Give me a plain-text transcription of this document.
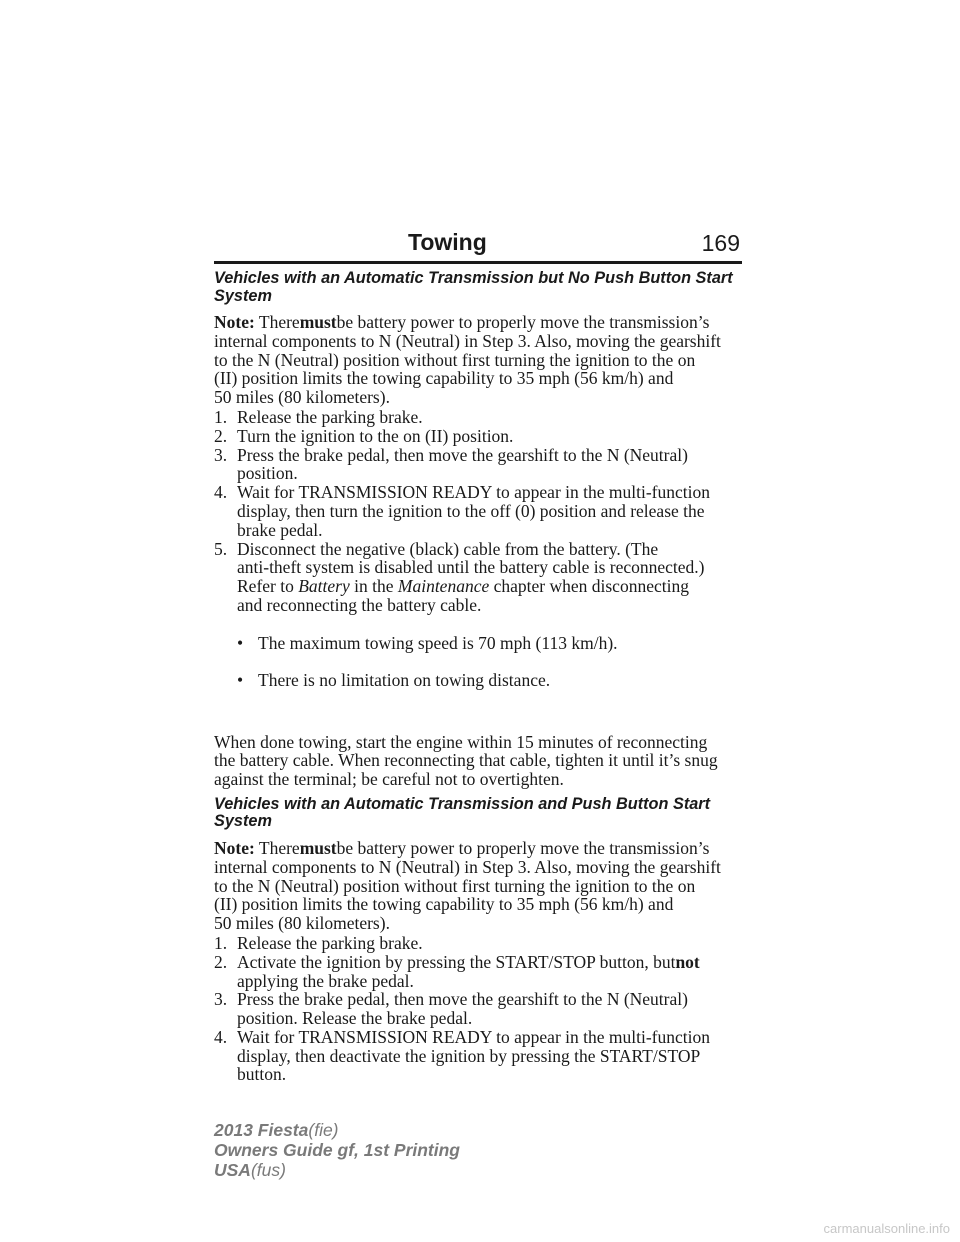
Towing	169
Vehicles with an Automatic Transmission but No Push Button Start
System

Note: Theremustbe battery power to properly move the transmission’s
internal components to N (Neutral) in Step 3. Also, moving the gearshift
to the N (Neutral) position without first turning the ignition to the on
(II) position limits the towing capability to 35 mph (56 km/h) and
50 miles (80 kilometers).

1. Release the parking brake.
2. Turn the ignition to the on (II) position.
3. Press the brake pedal, then move the gearshift to the N (Neutral)
position.
4. Wait for TRANSMISSION READY to appear in the multi-function
display, then turn the ignition to the off (0) position and release the
brake pedal.
5. Disconnect the negative (black) cable from the battery. (The
anti-theft system is disabled until the battery cable is reconnected.)
Refer to Battery in the Maintenance chapter when disconnecting
and reconnecting the battery cable.

• The maximum towing speed is 70 mph (113 km/h).

• There is no limitation on towing distance.

When done towing, start the engine within 15 minutes of reconnecting
the battery cable. When reconnecting that cable, tighten it until it’s snug
against the terminal; be careful not to overtighten.

Vehicles with an Automatic Transmission and Push Button Start
System

Note: Theremustbe battery power to properly move the transmission’s
internal components to N (Neutral) in Step 3. Also, moving the gearshift
to the N (Neutral) position without first turning the ignition to the on
(II) position limits the towing capability to 35 mph (56 km/h) and
50 miles (80 kilometers).

1. Release the parking brake.
2. Activate the ignition by pressing the START/STOP button, butnot
applying the brake pedal.
3. Press the brake pedal, then move the gearshift to the N (Neutral)
position. Release the brake pedal.
4. Wait for TRANSMISSION READY to appear in the multi-function
display, then deactivate the ignition by pressing the START/STOP
button.
2013 Fiesta(fie)
Owners Guide gf, 1st Printing
USA(fus)
carmanualsonline.info
